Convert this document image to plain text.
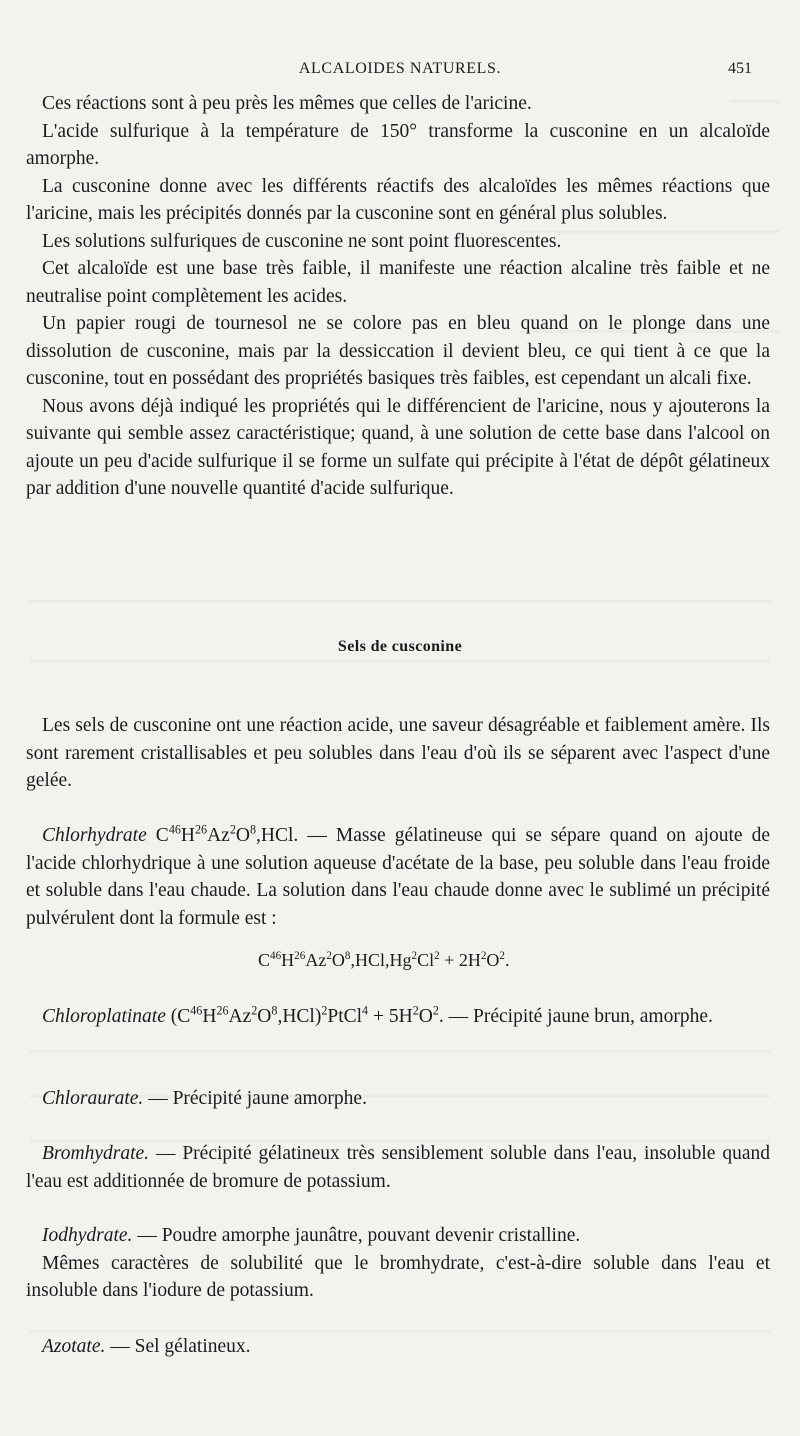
ALCALOIDES NATURELS.	451

Ces réactions sont à peu près les mêmes que celles de l'aricine.

L'acide sulfurique à la température de 150° transforme la cusconine en un alcaloïde amorphe.

La cusconine donne avec les différents réactifs des alcaloïdes les mêmes réactions que l'aricine, mais les précipités donnés par la cusconine sont en général plus solubles.

Les solutions sulfuriques de cusconine ne sont point fluorescentes.

Cet alcaloïde est une base très faible, il manifeste une réaction alcaline très faible et ne neutralise point complètement les acides.

Un papier rougi de tournesol ne se colore pas en bleu quand on le plonge dans une dissolution de cusconine, mais par la dessiccation il devient bleu, ce qui tient à ce que la cusconine, tout en possédant des propriétés basiques très faibles, est cependant un alcali fixe.

Nous avons déjà indiqué les propriétés qui le différencient de l'aricine, nous y ajouterons la suivante qui semble assez caractéristique; quand, à une solution de cette base dans l'alcool on ajoute un peu d'acide sulfurique il se forme un sulfate qui précipite à l'état de dépôt gélatineux par addition d'une nouvelle quantité d'acide sulfurique.

Sels de cusconine

Les sels de cusconine ont une réaction acide, une saveur désagréable et faiblement amère. Ils sont rarement cristallisables et peu solubles dans l'eau d'où ils se séparent avec l'aspect d'une gelée.

Chlorhydrate $C^{46}H^{26}Az^2O^8,HCl$. — Masse gélatineuse qui se sépare quand on ajoute de l'acide chlorhydrique à une solution aqueuse d'acétate de la base, peu soluble dans l'eau froide et soluble dans l'eau chaude. La solution dans l'eau chaude donne avec le sublimé un précipité pulvérulent dont la formule est :

$C^{46}H^{26}Az^2O^8,HCl,Hg^2Cl^2 + 2H^2O^2$.

Chloroplatinate $(C^{46}H^{26}Az^2O^8,HCl)^2PtCl^4 + 5H^2O^2$. — Précipité jaune brun, amorphe.

Chloraurate. — Précipité jaune amorphe.

Bromhydrate. — Précipité gélatineux très sensiblement soluble dans l'eau, insoluble quand l'eau est additionnée de bromure de potassium.

Iodhydrate. — Poudre amorphe jaunâtre, pouvant devenir cristalline.

Mêmes caractères de solubilité que le bromhydrate, c'est-à-dire soluble dans l'eau et insoluble dans l'iodure de potassium.

Azotate. — Sel gélatineux.
